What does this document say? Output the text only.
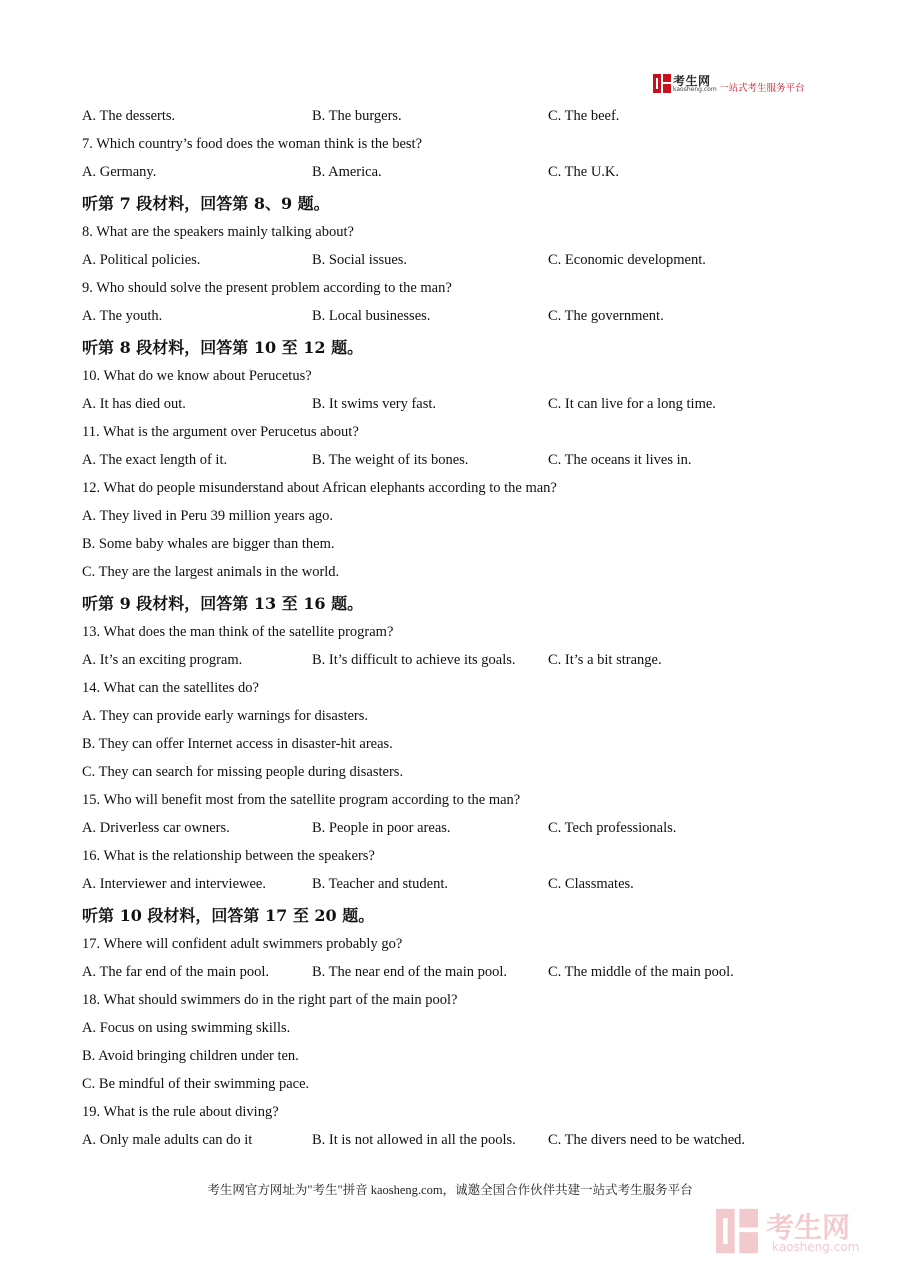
考生网
kaosheng.com 一站式考生服务平台
A. The desserts.	B. The burgers.	C. The beef.
7. Which country’s food does the woman think is the best?
A. Germany.	B. America.	C. The U.K.
听第 7 段材料，回答第 8、9 题。
8. What are the speakers mainly talking about?
A. Political policies.	B. Social issues.	C. Economic development.
9. Who should solve the present problem according to the man?
A. The youth.	B. Local businesses.	C. The government.
听第 8 段材料，回答第 10 至 12 题。
10. What do we know about Perucetus?
A. It has died out.	B. It swims very fast.	C. It can live for a long time.
11. What is the argument over Perucetus about?
A. The exact length of it.	B. The weight of its bones.	C. The oceans it lives in.
12. What do people misunderstand about African elephants according to the man?
A. They lived in Peru 39 million years ago.
B. Some baby whales are bigger than them.
C. They are the largest animals in the world.
听第 9 段材料，回答第 13 至 16 题。
13. What does the man think of the satellite program?
A. It’s an exciting program.	B. It’s difficult to achieve its goals. C. It’s a bit strange.
14. What can the satellites do?
A. They can provide early warnings for disasters.
B. They can offer Internet access in disaster-hit areas.
C. They can search for missing people during disasters.
15. Who will benefit most from the satellite program according to the man?
A. Driverless car owners.	B. People in poor areas.	C. Tech professionals.
16. What is the relationship between the speakers?
A. Interviewer and interviewee.	B. Teacher and student.	C. Classmates.
听第 10 段材料，回答第 17 至 20 题。
17. Where will confident adult swimmers probably go?
A. The far end of the main pool.	B. The near end of the main pool.	C. The middle of the main pool.
18. What should swimmers do in the right part of the main pool?
A. Focus on using swimming skills.
B. Avoid bringing children under ten.
C. Be mindful of their swimming pace.
19. What is the rule about diving?
A. Only male adults can do it	B. It is not allowed in all the pools. C. The divers need to be watched.
考生网官方网址为"考生"拼音 kaosheng.com，诚邀全国合作伙伴共建一站式考生服务平台
考生网
kaosheng.com
